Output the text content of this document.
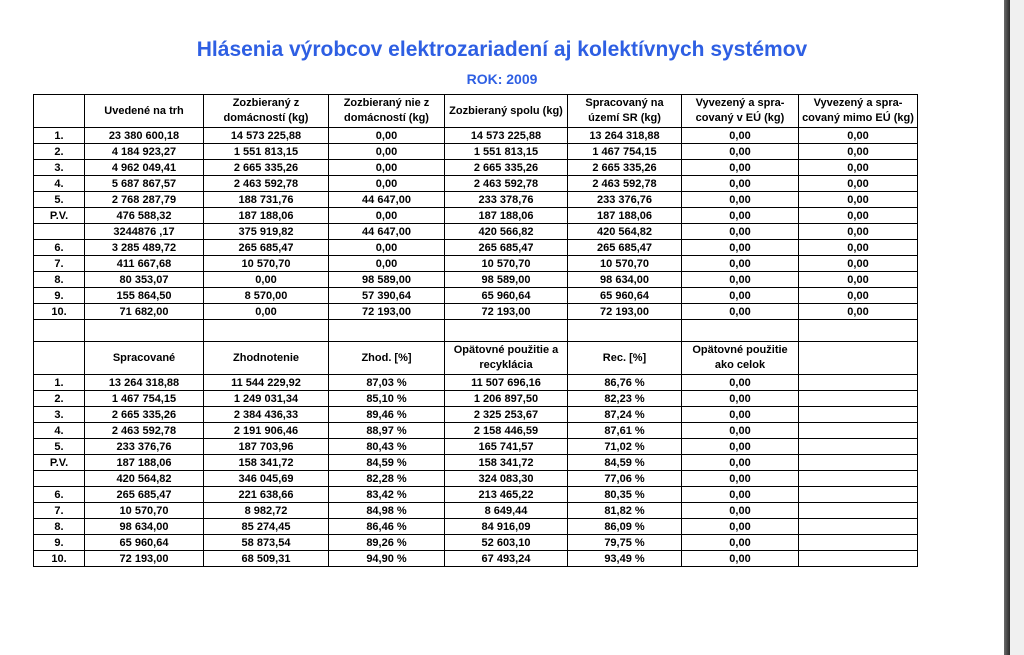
Hlásenia výrobcov elektrozariadení aj kolektívnych systémov
ROK: 2009
	Uvedené na trh	Zozbieraný z domácností (kg)	Zozbieraný nie z domácností (kg)	Zozbieraný spolu (kg)	Spracovaný na území SR (kg)	Vyvezený a spra-covaný v EÚ (kg)	Vyvezený a spra-covaný mimo EÚ (kg)
1.	23 380 600,18	14 573 225,88	0,00	14 573 225,88	13 264 318,88	0,00	0,00
2.	4 184 923,27	1 551 813,15	0,00	1 551 813,15	1 467 754,15	0,00	0,00
3.	4 962 049,41	2 665 335,26	0,00	2 665 335,26	2 665 335,26	0,00	0,00
4.	5 687 867,57	2 463 592,78	0,00	2 463 592,78	2 463 592,78	0,00	0,00
5.	2 768 287,79	188 731,76	44 647,00	233 378,76	233 376,76	0,00	0,00
P.V.	476 588,32	187 188,06	0,00	187 188,06	187 188,06	0,00	0,00
	3244876 ,17	375 919,82	44 647,00	420 566,82	420 564,82	0,00	0,00
6.	3 285 489,72	265 685,47	0,00	265 685,47	265 685,47	0,00	0,00
7.	411 667,68	10 570,70	0,00	10 570,70	10 570,70	0,00	0,00
8.	80 353,07	0,00	98 589,00	98 589,00	98 634,00	0,00	0,00
9.	155 864,50	8 570,00	57 390,64	65 960,64	65 960,64	0,00	0,00
10.	71 682,00	0,00	72 193,00	72 193,00	72 193,00	0,00	0,00

	Spracované	Zhodnotenie	Zhod. [%]	Opätovné použitie a recyklácia	Rec. [%]	Opätovné použitie ako celok	
1.	13 264 318,88	11 544 229,92	87,03 %	11 507 696,16	86,76 %	0,00	
2.	1 467 754,15	1 249 031,34	85,10 %	1 206 897,50	82,23 %	0,00	
3.	2 665 335,26	2 384 436,33	89,46 %	2 325 253,67	87,24 %	0,00	
4.	2 463 592,78	2 191 906,46	88,97 %	2 158 446,59	87,61 %	0,00	
5.	233 376,76	187 703,96	80,43 %	165 741,57	71,02 %	0,00	
P.V.	187 188,06	158 341,72	84,59 %	158 341,72	84,59 %	0,00	
	420 564,82	346 045,69	82,28 %	324 083,30	77,06 %	0,00	
6.	265 685,47	221 638,66	83,42 %	213 465,22	80,35 %	0,00	
7.	10 570,70	8 982,72	84,98 %	8 649,44	81,82 %	0,00	
8.	98 634,00	85 274,45	86,46 %	84 916,09	86,09 %	0,00	
9.	65 960,64	58 873,54	89,26 %	52 603,10	79,75 %	0,00	
10.	72 193,00	68 509,31	94,90 %	67 493,24	93,49 %	0,00	
